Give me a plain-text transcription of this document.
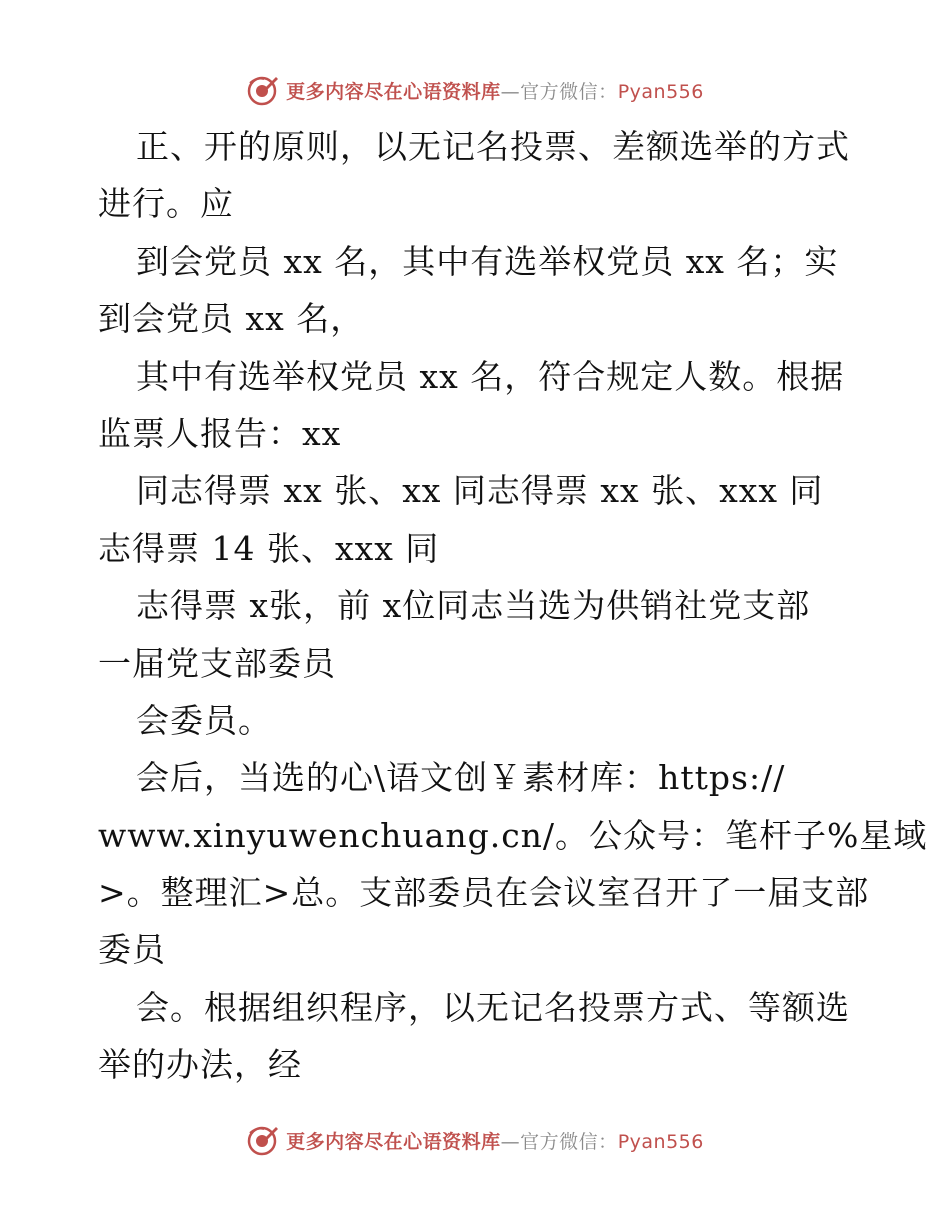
更多内容尽在心语资料库—官方微信：Pyan556
正、开的原则，以无记名投票、差额选举的方式
进行。应
到会党员 xx 名，其中有选举权党员 xx 名；实
到会党员 xx 名，
其中有选举权党员 xx 名，符合规定人数。根据
监票人报告：xx
同志得票 xx 张、xx 同志得票 xx 张、xxx 同
志得票 14 张、xxx 同
志得票 x张，前 x位同志当选为供销社党支部
一届党支部委员
会委员。
会后，当选的心\语文创￥素材库：https://
www.xinyuwenchuang.cn/。公众号：笔杆子%星域
>。整理汇>总。支部委员在会议室召开了一届支部
委员
会。根据组织程序，以无记名投票方式、等额选
举的办法，经
更多内容尽在心语资料库—官方微信：Pyan556
